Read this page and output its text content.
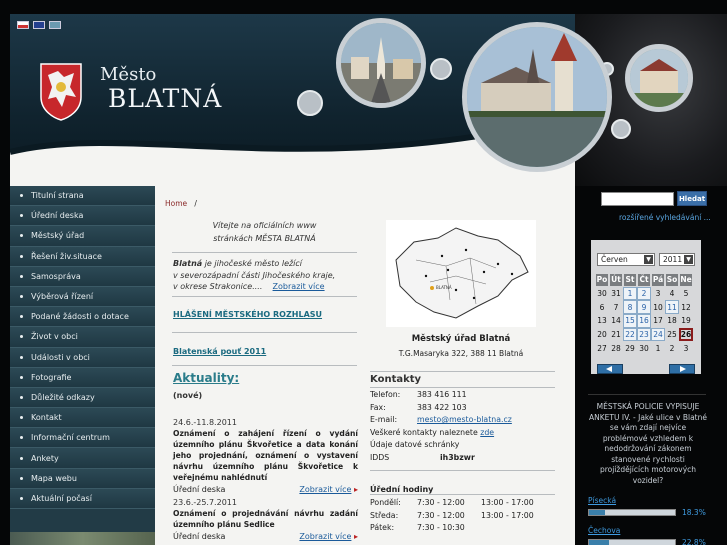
Město
BLATNÁ
Titulní strana
Úřední deska
Městský úřad
Řešení živ.situace
Samospráva
Výběrová řízení
Podané žádosti o dotace
Život v obci
Události v obci
Fotografie
Důležité odkazy
Kontakt
Informační centrum
Ankety
Mapa webu
Aktuální počasí
Home /
Vítejte na oficiálních www
stránkách MĚSTA BLATNÁ
Blatná je jihočeské město ležící
v severozápadní části Jihočeského kraje,
v okrese Strakonice.... Zobrazit více
HLÁŠENÍ MĚSTSKÉHO ROZHLASU
Blatenská pouť 2011
Aktuality:
(nové)
24.6.-11.8.2011
Oznámení o zahájení řízení o vydání územního plánu Škvořetice a data konání jeho projednání, oznámení o vystavení návrhu územního plánu Škvořetice k veřejnému nahlédnutí
Úřední deska	Zobrazit více ▸
23.6.-25.7.2011
Oznámení o projednávání návrhu zadání územního plánu Sedlice
Úřední deska	Zobrazit více ▸
BLATNÁ
Městský úřad Blatná
T.G.Masaryka 322, 388 11 Blatná
Kontakty
Telefon: 383 416 111
Fax:	383 422 103
E-mail:	mesto@mesto-blatna.cz
Veškeré kontakty naleznete zde
Údaje datové schránky
IDDS	ih3bzwr
Úřední hodiny
Pondělí: 7:30 - 12:00 13:00 - 17:00
Středa: 7:30 - 12:00 13:00 - 17:00
Pátek:	7:30 - 10:30
Hledat
rozšířené vyhledávání ...
Červen	▼ 2011 ▼
Po Út St Čt Pá So Ne
30 31 1	2	3	4	5
6	7	8	9 10 11 12
13 14 15 16 17 18 19
20 21 22 23 24 25 26
27 28 29 30 1	2	3
MĚSTSKÁ POLICIE VYPISUJE ANKETU IV. - Jaké ulice v Blatné se vám zdají nejvíce problémové vzhledem k nedodržování zákonem stanovené rychlosti projíždějících motorových vozidel?
Písecká
18.3%
Čechova
22.8%
